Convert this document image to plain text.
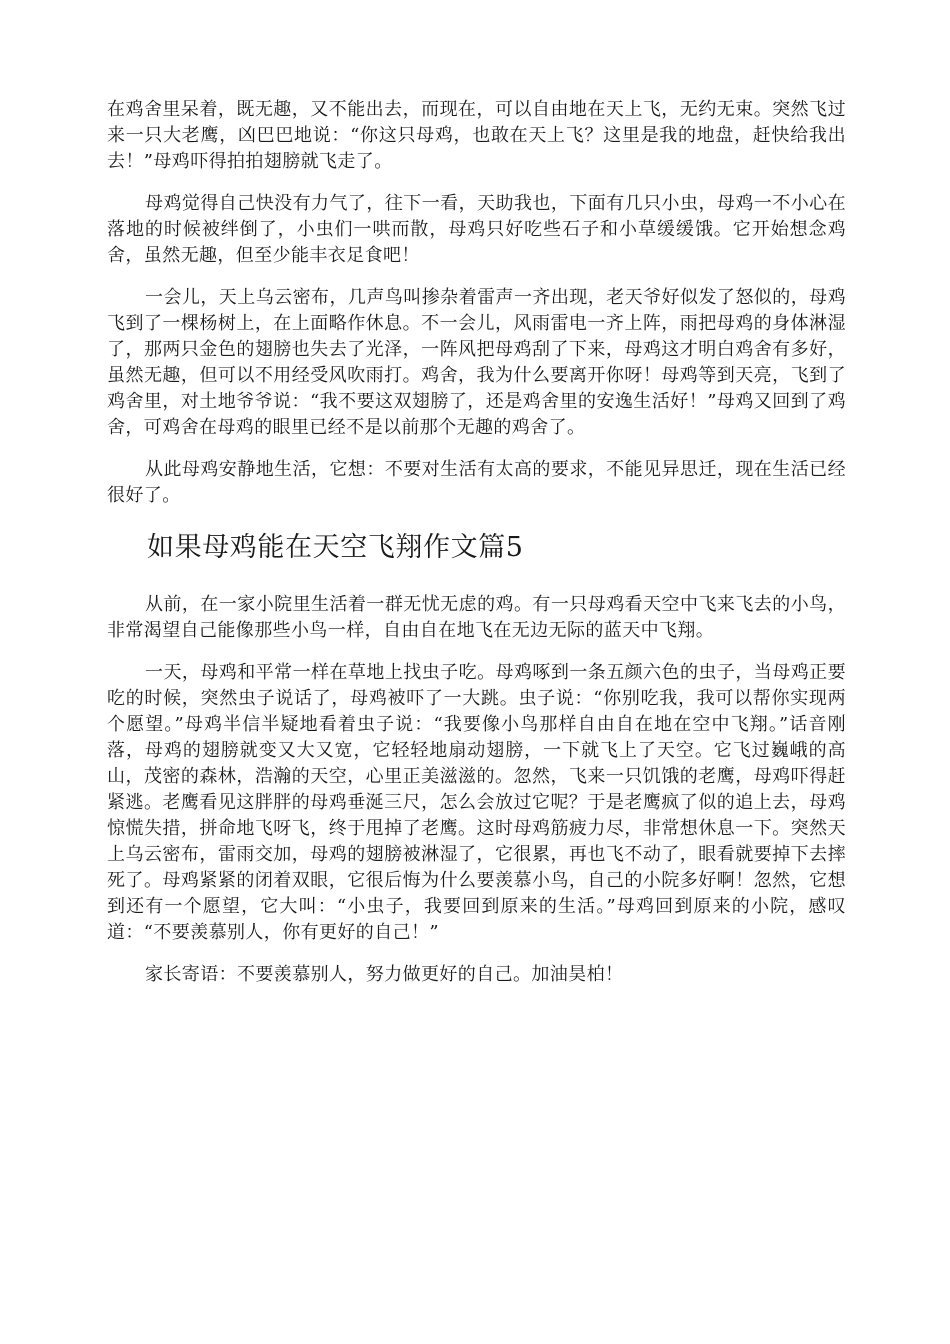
在鸡舍里呆着，既无趣，又不能出去，而现在，可以自由地在天上飞，无约无束。突然飞过来一只大老鹰，凶巴巴地说：“你这只母鸡，也敢在天上飞？这里是我的地盘，赶快给我出去！”母鸡吓得拍拍翅膀就飞走了。

母鸡觉得自己快没有力气了，往下一看，天助我也，下面有几只小虫，母鸡一不小心在落地的时候被绊倒了，小虫们一哄而散，母鸡只好吃些石子和小草缓缓饿。它开始想念鸡舍，虽然无趣，但至少能丰衣足食吧！

一会儿，天上乌云密布，几声鸟叫掺杂着雷声一齐出现，老天爷好似发了怒似的，母鸡飞到了一棵杨树上，在上面略作休息。不一会儿，风雨雷电一齐上阵，雨把母鸡的身体淋湿了，那两只金色的翅膀也失去了光泽，一阵风把母鸡刮了下来，母鸡这才明白鸡舍有多好，虽然无趣，但可以不用经受风吹雨打。鸡舍，我为什么要离开你呀！母鸡等到天亮，飞到了鸡舍里，对土地爷爷说：“我不要这双翅膀了，还是鸡舍里的安逸生活好！”母鸡又回到了鸡舍，可鸡舍在母鸡的眼里已经不是以前那个无趣的鸡舍了。

从此母鸡安静地生活，它想：不要对生活有太高的要求，不能见异思迁，现在生活已经很好了。

如果母鸡能在天空飞翔作文篇5

从前，在一家小院里生活着一群无忧无虑的鸡。有一只母鸡看天空中飞来飞去的小鸟，非常渴望自己能像那些小鸟一样，自由自在地飞在无边无际的蓝天中飞翔。

一天，母鸡和平常一样在草地上找虫子吃。母鸡啄到一条五颜六色的虫子，当母鸡正要吃的时候，突然虫子说话了，母鸡被吓了一大跳。虫子说：“你别吃我，我可以帮你实现两个愿望。”母鸡半信半疑地看着虫子说：“我要像小鸟那样自由自在地在空中飞翔。”话音刚落，母鸡的翅膀就变又大又宽，它轻轻地扇动翅膀，一下就飞上了天空。它飞过巍峨的高山，茂密的森林，浩瀚的天空，心里正美滋滋的。忽然，飞来一只饥饿的老鹰，母鸡吓得赶紧逃。老鹰看见这胖胖的母鸡垂涎三尺，怎么会放过它呢？于是老鹰疯了似的追上去，母鸡惊慌失措，拼命地飞呀飞，终于甩掉了老鹰。这时母鸡筋疲力尽，非常想休息一下。突然天上乌云密布，雷雨交加，母鸡的翅膀被淋湿了，它很累，再也飞不动了，眼看就要掉下去摔死了。母鸡紧紧的闭着双眼，它很后悔为什么要羡慕小鸟，自己的小院多好啊！忽然，它想到还有一个愿望，它大叫：“小虫子，我要回到原来的生活。”母鸡回到原来的小院，感叹道：“不要羡慕别人，你有更好的自己！”

家长寄语：不要羡慕别人，努力做更好的自己。加油昊柏！
